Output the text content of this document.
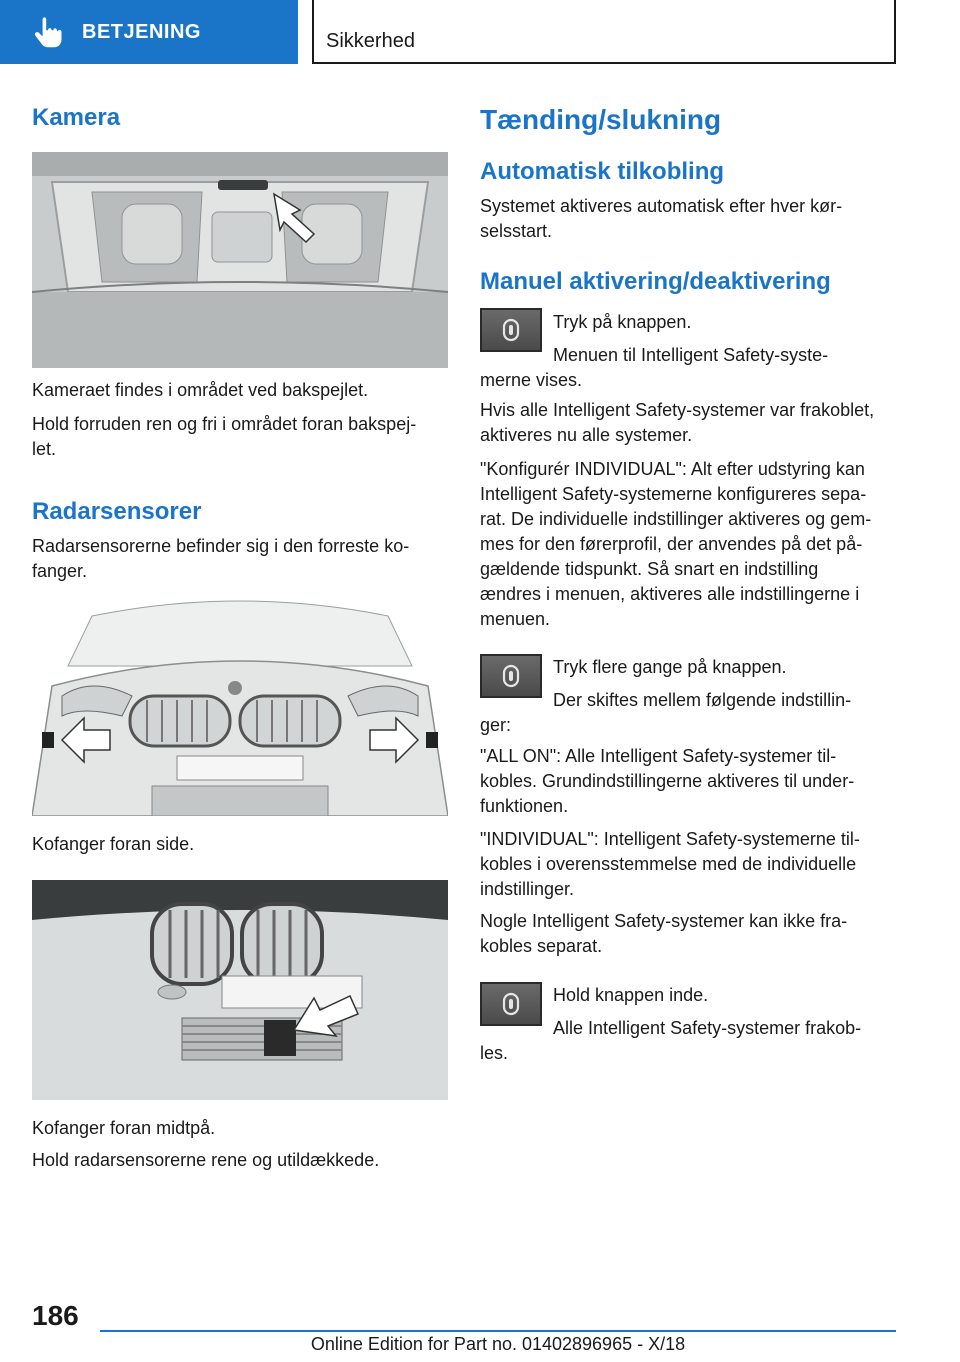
BETJENING	Sikkerhed
Kamera
Kameraet findes i området ved bakspejlet.
Hold forruden ren og fri i området foran bakspej‐
let.
Radarsensorer
Radarsensorerne befinder sig i den forreste ko‐
fanger.
Kofanger foran side.
Kofanger foran midtpå.
Hold radarsensorerne rene og utildækkede.
Tænding/slukning
Automatisk tilkobling
Systemet aktiveres automatisk efter hver kør‐
selsstart.
Manuel aktivering/deaktivering
Tryk på knappen.
Menuen til Intelligent Safety-syste‐
merne vises.
Hvis alle Intelligent Safety-systemer var frakoblet,
aktiveres nu alle systemer.
"Konfigurér INDIVIDUAL": Alt efter udstyring kan
Intelligent Safety-systemerne konfigureres sepa‐
rat. De individuelle indstillinger aktiveres og gem‐
mes for den førerprofil, der anvendes på det på‐
gældende tidspunkt. Så snart en indstilling
ændres i menuen, aktiveres alle indstillingerne i
menuen.
Tryk flere gange på knappen.
Der skiftes mellem følgende indstillin‐
ger:
"ALL ON": Alle Intelligent Safety-systemer til‐
kobles. Grundindstillingerne aktiveres til under‐
funktionen.
"INDIVIDUAL": Intelligent Safety-systemerne til‐
kobles i overensstemmelse med de individuelle
indstillinger.
Nogle Intelligent Safety-systemer kan ikke fra‐
kobles separat.
Hold knappen inde.
Alle Intelligent Safety-systemer frakob‐
les.
186
Online Edition for Part no. 01402896965 - X/18
